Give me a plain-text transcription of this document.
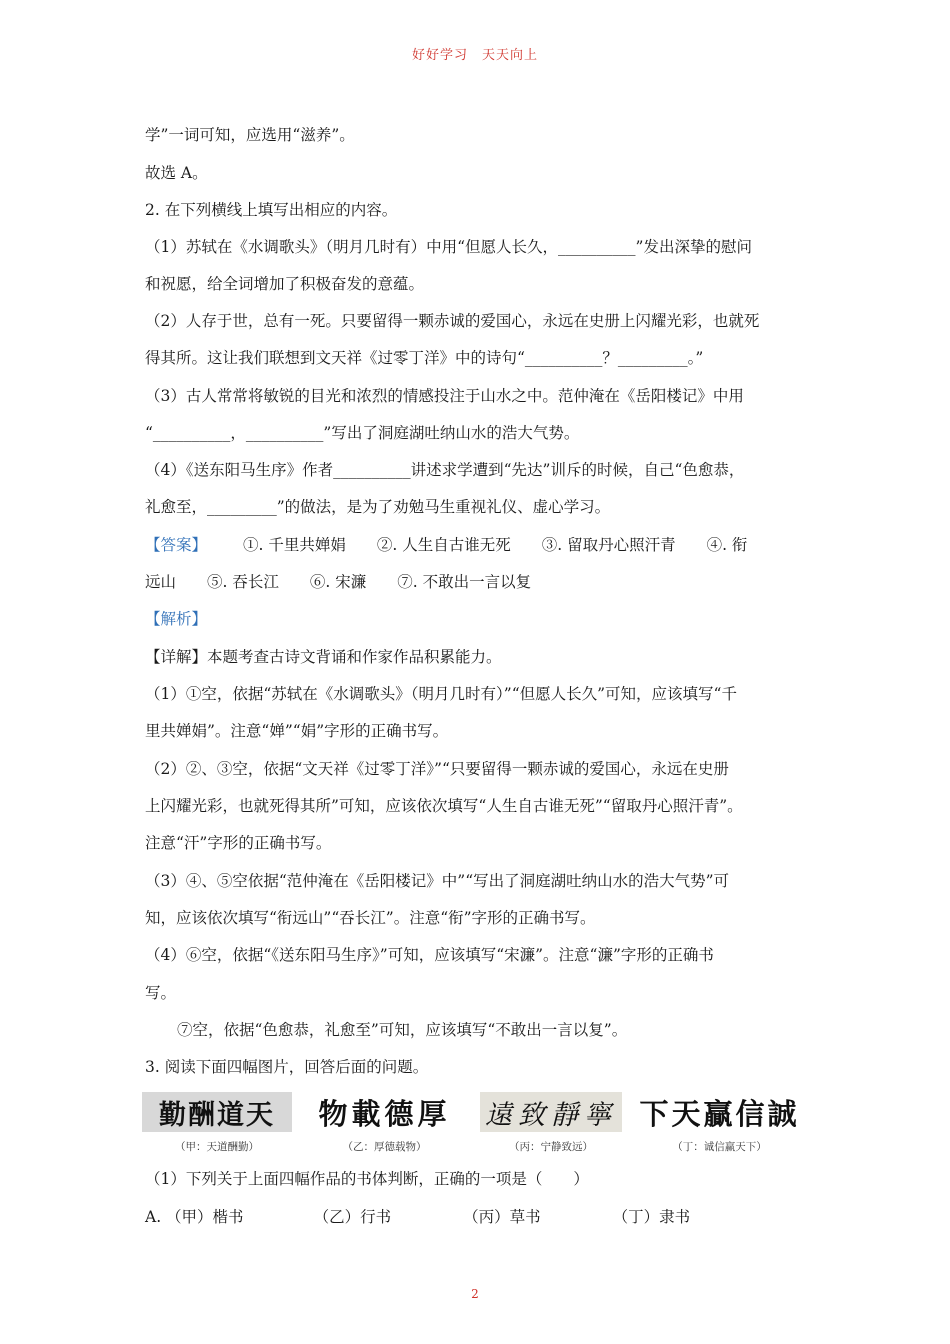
好好学习　天天向上
学”一词可知，应选用“滋养”。
故选 A。
2. 在下列横线上填写出相应的内容。
（1）苏轼在《水调歌头》（明月几时有）中用“但愿人长久，__________”发出深挚的慰问
和祝愿，给全词增加了积极奋发的意蕴。
（2）人存于世，总有一死。只要留得一颗赤诚的爱国心，永远在史册上闪耀光彩，也就死
得其所。这让我们联想到文天祥《过零丁洋》中的诗句“__________？_________。”
（3）古人常常将敏锐的目光和浓烈的情感投注于山水之中。范仲淹在《岳阳楼记》中用
“__________，__________”写出了洞庭湖吐纳山水的浩大气势。
（4）《送东阳马生序》作者__________讲述求学遭到“先达”训斥的时候，自己“色愈恭，
礼愈至，_________”的做法，是为了劝勉马生重视礼仪、虚心学习。
【答案】 ①. 千里共婵娟　　②. 人生自古谁无死　　③. 留取丹心照汗青　　④. 衔
远山　　⑤. 吞长江　　⑥. 宋濂　　⑦. 不敢出一言以复
【解析】
【详解】本题考查古诗文背诵和作家作品积累能力。
（1）①空，依据“苏轼在《水调歌头》（明月几时有）”“但愿人长久”可知，应该填写“千
里共婵娟”。注意“婵”“娟”字形的正确书写。
（2）②、③空，依据“文天祥《过零丁洋》”“只要留得一颗赤诚的爱国心，永远在史册
上闪耀光彩，也就死得其所”可知，应该依次填写“人生自古谁无死”“留取丹心照汗青”。
注意“汗”字形的正确书写。
（3）④、⑤空依据“范仲淹在《岳阳楼记》中”“写出了洞庭湖吐纳山水的浩大气势”可
知，应该依次填写“衔远山”“吞长江”。注意“衔”字形的正确书写。
（4）⑥空，依据“《送东阳马生序》”可知，应该填写“宋濂”。注意“濂”字形的正确书
写。
⑦空，依据“色愈恭，礼愈至”可知，应该填写“不敢出一言以复”。
3. 阅读下面四幅图片，回答后面的问题。
勤酬道天
（甲：天道酬勤）
物載德厚
（乙：厚德载物）
遠致靜寧
（丙：宁静致远）
下天贏信誠
（丁：诚信赢天下）
（1）下列关于上面四幅作品的书体判断，正确的一项是（　　）
A. （甲）楷书	（乙）行书	（丙）草书	（丁）隶书
2
